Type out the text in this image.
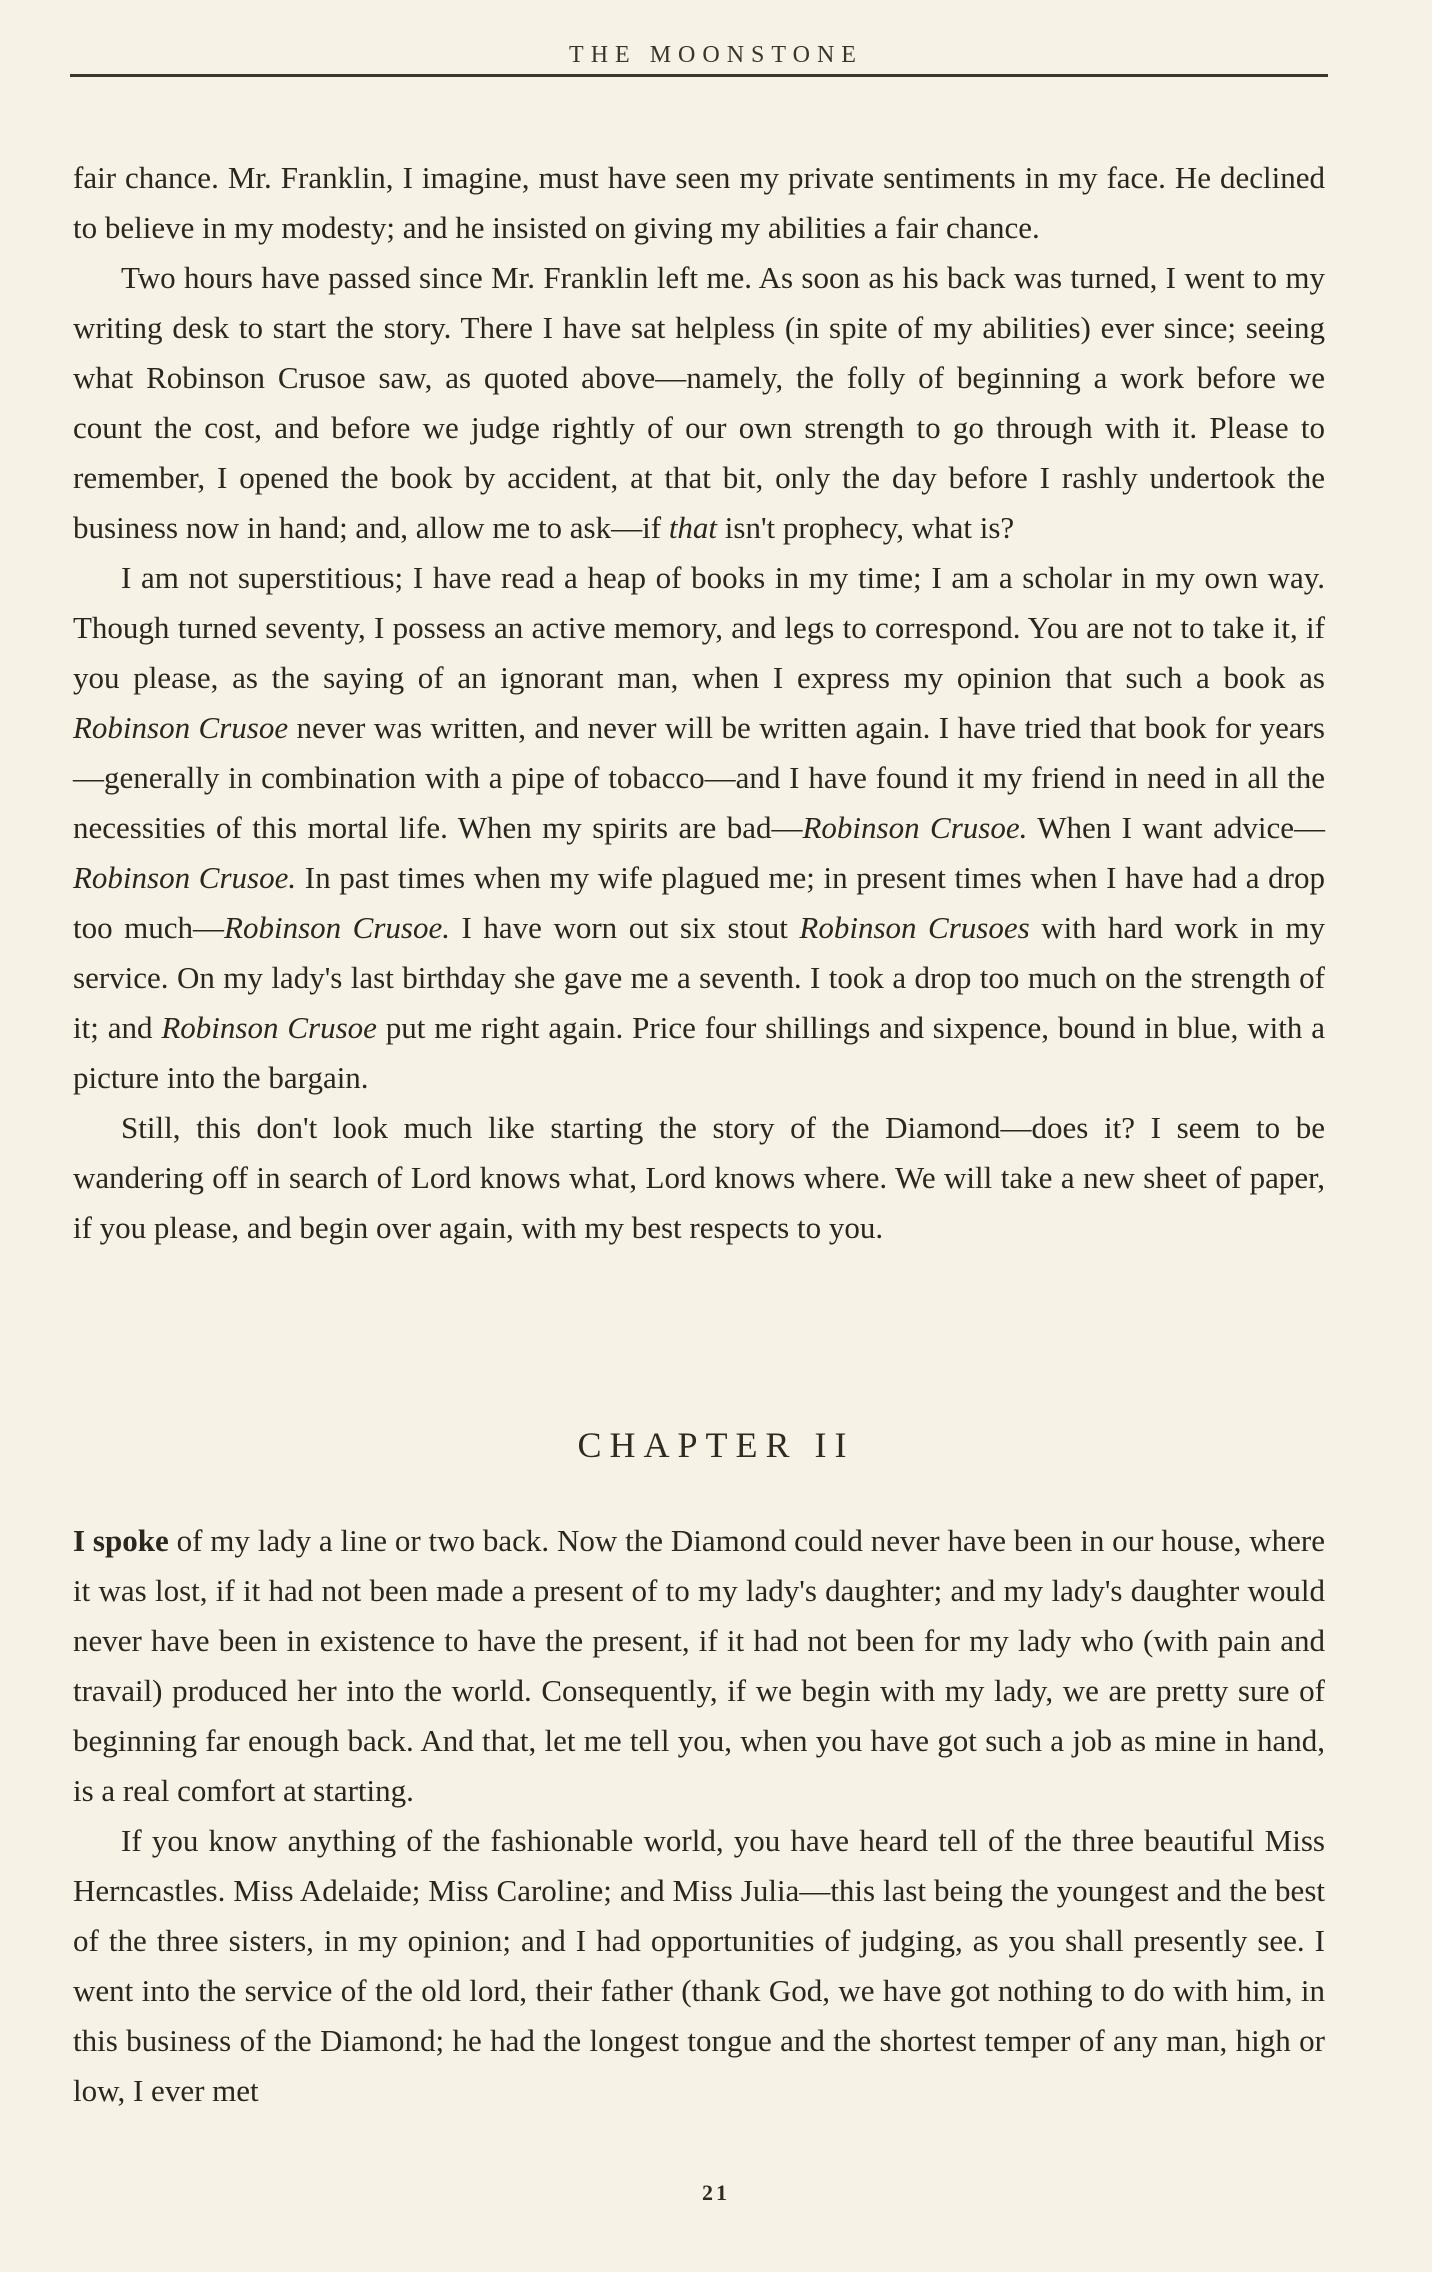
THE MOONSTONE

fair chance. Mr. Franklin, I imagine, must have seen my private sentiments in my face. He declined to believe in my modesty; and he insisted on giving my abilities a fair chance.

Two hours have passed since Mr. Franklin left me. As soon as his back was turned, I went to my writing desk to start the story. There I have sat helpless (in spite of my abilities) ever since; seeing what Robinson Crusoe saw, as quoted above—namely, the folly of beginning a work before we count the cost, and before we judge rightly of our own strength to go through with it. Please to remember, I opened the book by accident, at that bit, only the day before I rashly undertook the business now in hand; and, allow me to ask—if that isn't prophecy, what is?

I am not superstitious; I have read a heap of books in my time; I am a scholar in my own way. Though turned seventy, I possess an active memory, and legs to correspond. You are not to take it, if you please, as the saying of an ignorant man, when I express my opinion that such a book as Robinson Crusoe never was written, and never will be written again. I have tried that book for years—generally in combination with a pipe of tobacco—and I have found it my friend in need in all the necessities of this mortal life. When my spirits are bad—Robinson Crusoe. When I want advice—Robinson Crusoe. In past times when my wife plagued me; in present times when I have had a drop too much—Robinson Crusoe. I have worn out six stout Robinson Crusoes with hard work in my service. On my lady's last birthday she gave me a seventh. I took a drop too much on the strength of it; and Robinson Crusoe put me right again. Price four shillings and sixpence, bound in blue, with a picture into the bargain.

Still, this don't look much like starting the story of the Diamond—does it? I seem to be wandering off in search of Lord knows what, Lord knows where. We will take a new sheet of paper, if you please, and begin over again, with my best respects to you.

CHAPTER II

I spoke of my lady a line or two back. Now the Diamond could never have been in our house, where it was lost, if it had not been made a present of to my lady's daughter; and my lady's daughter would never have been in existence to have the present, if it had not been for my lady who (with pain and travail) produced her into the world. Consequently, if we begin with my lady, we are pretty sure of beginning far enough back. And that, let me tell you, when you have got such a job as mine in hand, is a real comfort at starting.

If you know anything of the fashionable world, you have heard tell of the three beautiful Miss Herncastles. Miss Adelaide; Miss Caroline; and Miss Julia—this last being the youngest and the best of the three sisters, in my opinion; and I had opportunities of judging, as you shall presently see. I went into the service of the old lord, their father (thank God, we have got nothing to do with him, in this business of the Diamond; he had the longest tongue and the shortest temper of any man, high or low, I ever met

21
